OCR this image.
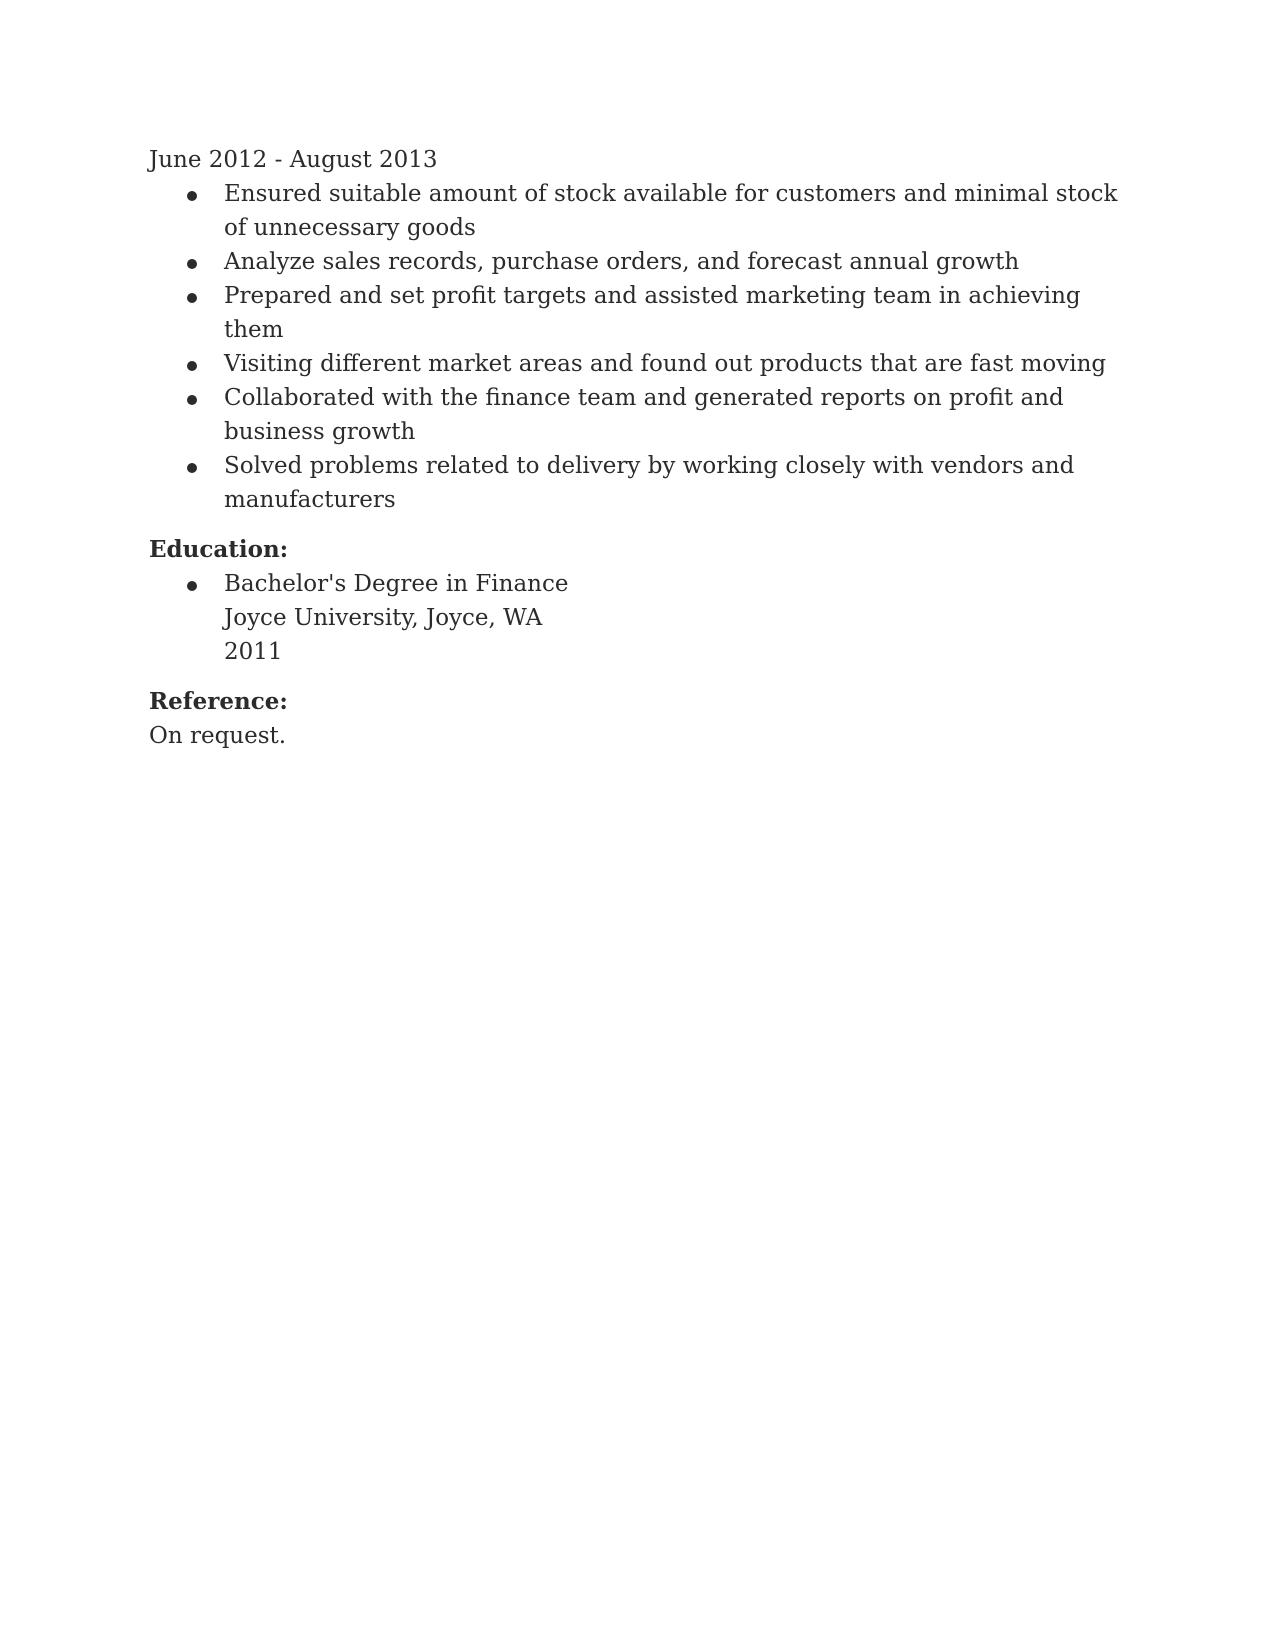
June 2012 - August 2013

Ensured suitable amount of stock available for customers and minimal stock of unnecessary goods
Analyze sales records, purchase orders, and forecast annual growth
Prepared and set profit targets and assisted marketing team in achieving them
Visiting different market areas and found out products that are fast moving
Collaborated with the finance team and generated reports on profit and business growth
Solved problems related to delivery by working closely with vendors and manufacturers
Education:
Bachelor's Degree in Finance
Joyce University, Joyce, WA
2011
Reference:

On request.
